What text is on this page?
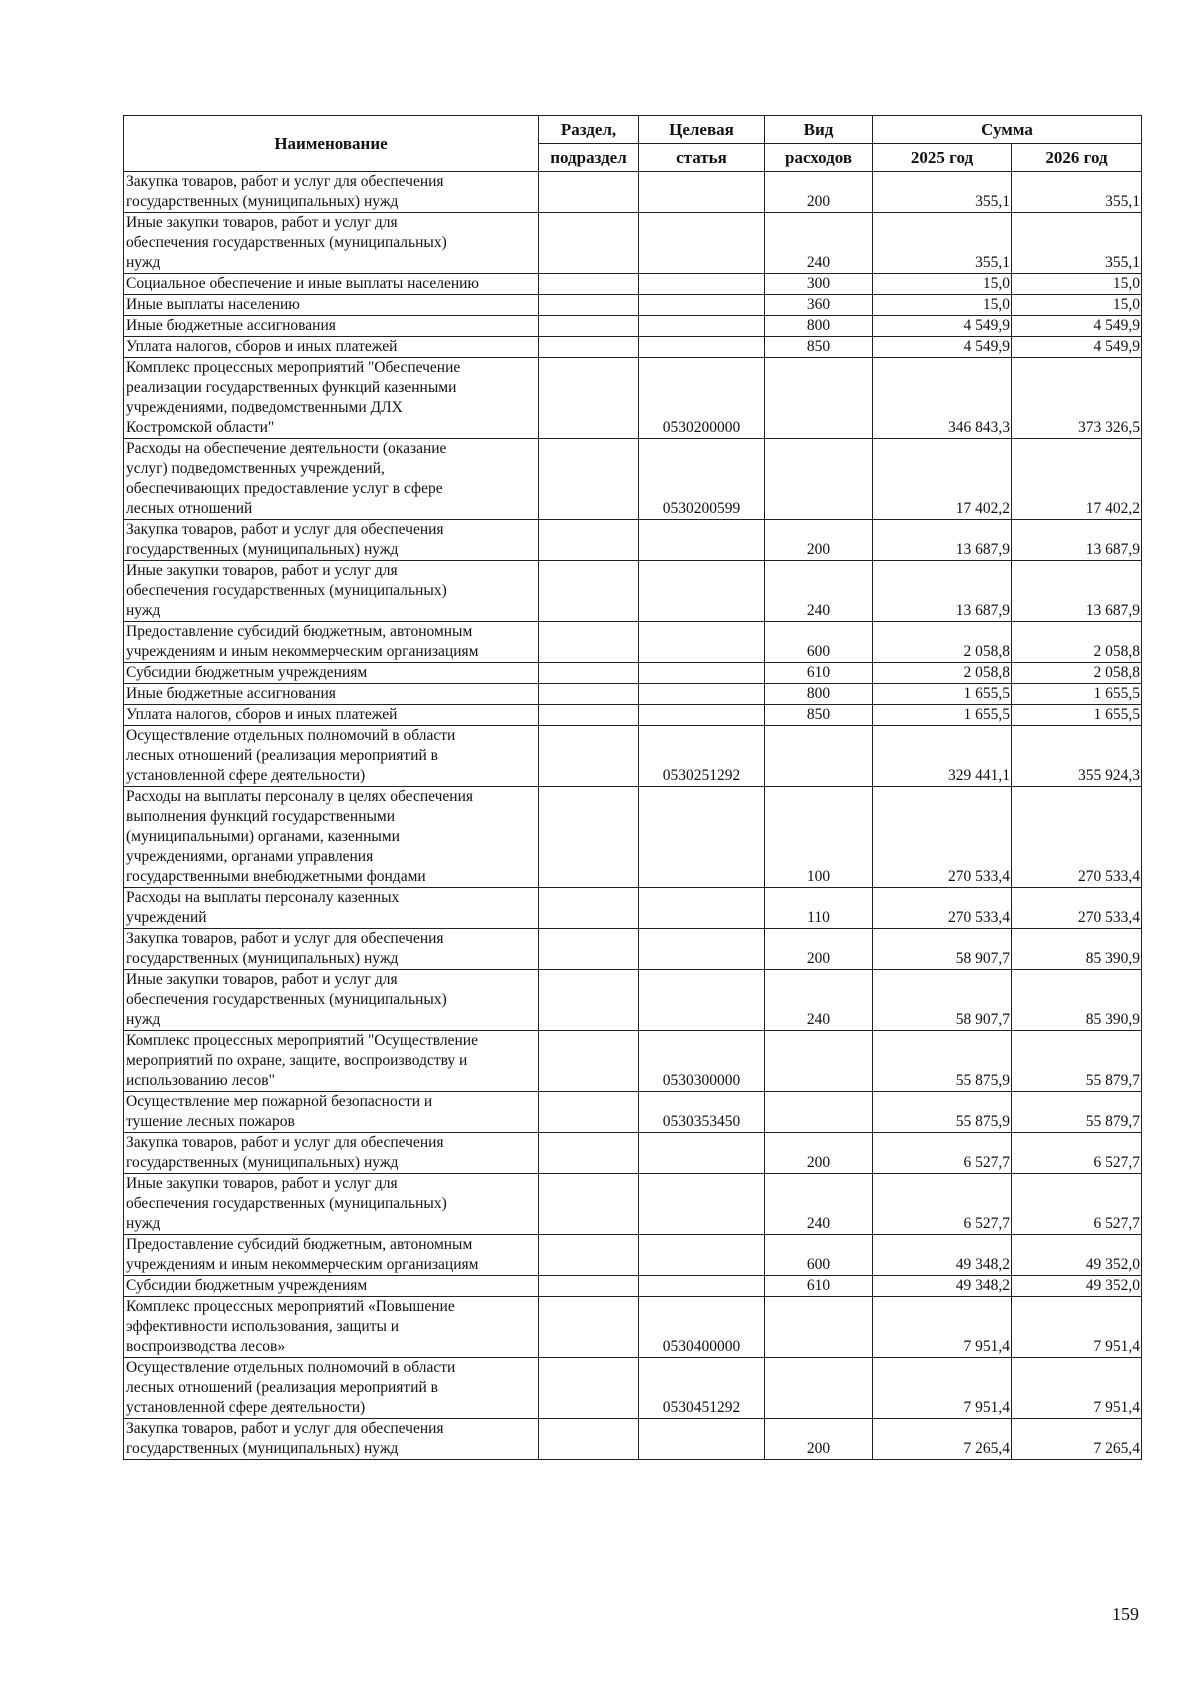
Наименование	Раздел,	Целевая	Вид	Сумма	
	подраздел	статья	расходов	2025 год	2026 год
Закупка товаров, работ и услуг для обеспечения
государственных (муниципальных) нужд			200	355,1	355,1
Иные закупки товаров, работ и услуг для
обеспечения государственных (муниципальных)
нужд			240	355,1	355,1
Социальное обеспечение и иные выплаты населению			300	15,0	15,0
Иные выплаты населению			360	15,0	15,0
Иные бюджетные ассигнования			800	4 549,9	4 549,9
Уплата налогов, сборов и иных платежей			850	4 549,9	4 549,9
Комплекс процессных мероприятий "Обеспечение
реализации государственных функций казенными
учреждениями, подведомственными ДЛХ
Костромской области"		0530200000		346 843,3	373 326,5
Расходы на обеспечение деятельности (оказание
услуг) подведомственных учреждений,
обеспечивающих предоставление услуг в сфере
лесных отношений		0530200599		17 402,2	17 402,2
Закупка товаров, работ и услуг для обеспечения
государственных (муниципальных) нужд			200	13 687,9	13 687,9
Иные закупки товаров, работ и услуг для
обеспечения государственных (муниципальных)
нужд			240	13 687,9	13 687,9
Предоставление субсидий бюджетным, автономным
учреждениям и иным некоммерческим организациям			600	2 058,8	2 058,8
Субсидии бюджетным учреждениям			610	2 058,8	2 058,8
Иные бюджетные ассигнования			800	1 655,5	1 655,5
Уплата налогов, сборов и иных платежей			850	1 655,5	1 655,5
Осуществление отдельных полномочий в области
лесных отношений (реализация мероприятий в
установленной сфере деятельности)		0530251292		329 441,1	355 924,3
Расходы на выплаты персоналу в целях обеспечения
выполнения функций государственными
(муниципальными) органами, казенными
учреждениями, органами управления
государственными внебюджетными фондами			100	270 533,4	270 533,4
Расходы на выплаты персоналу казенных
учреждений			110	270 533,4	270 533,4
Закупка товаров, работ и услуг для обеспечения
государственных (муниципальных) нужд			200	58 907,7	85 390,9
Иные закупки товаров, работ и услуг для
обеспечения государственных (муниципальных)
нужд			240	58 907,7	85 390,9
Комплекс процессных мероприятий "Осуществление
мероприятий по охране, защите, воспроизводству и
использованию лесов"		0530300000		55 875,9	55 879,7
Осуществление мер пожарной безопасности и
тушение лесных пожаров		0530353450		55 875,9	55 879,7
Закупка товаров, работ и услуг для обеспечения
государственных (муниципальных) нужд			200	6 527,7	6 527,7
Иные закупки товаров, работ и услуг для
обеспечения государственных (муниципальных)
нужд			240	6 527,7	6 527,7
Предоставление субсидий бюджетным, автономным
учреждениям и иным некоммерческим организациям			600	49 348,2	49 352,0
Субсидии бюджетным учреждениям			610	49 348,2	49 352,0
Комплекс процессных мероприятий «Повышение
эффективности использования, защиты и
воспроизводства лесов»		0530400000		7 951,4	7 951,4
Осуществление отдельных полномочий в области
лесных отношений (реализация мероприятий в
установленной сфере деятельности)		0530451292		7 951,4	7 951,4
Закупка товаров, работ и услуг для обеспечения
государственных (муниципальных) нужд			200	7 265,4	7 265,4
159
